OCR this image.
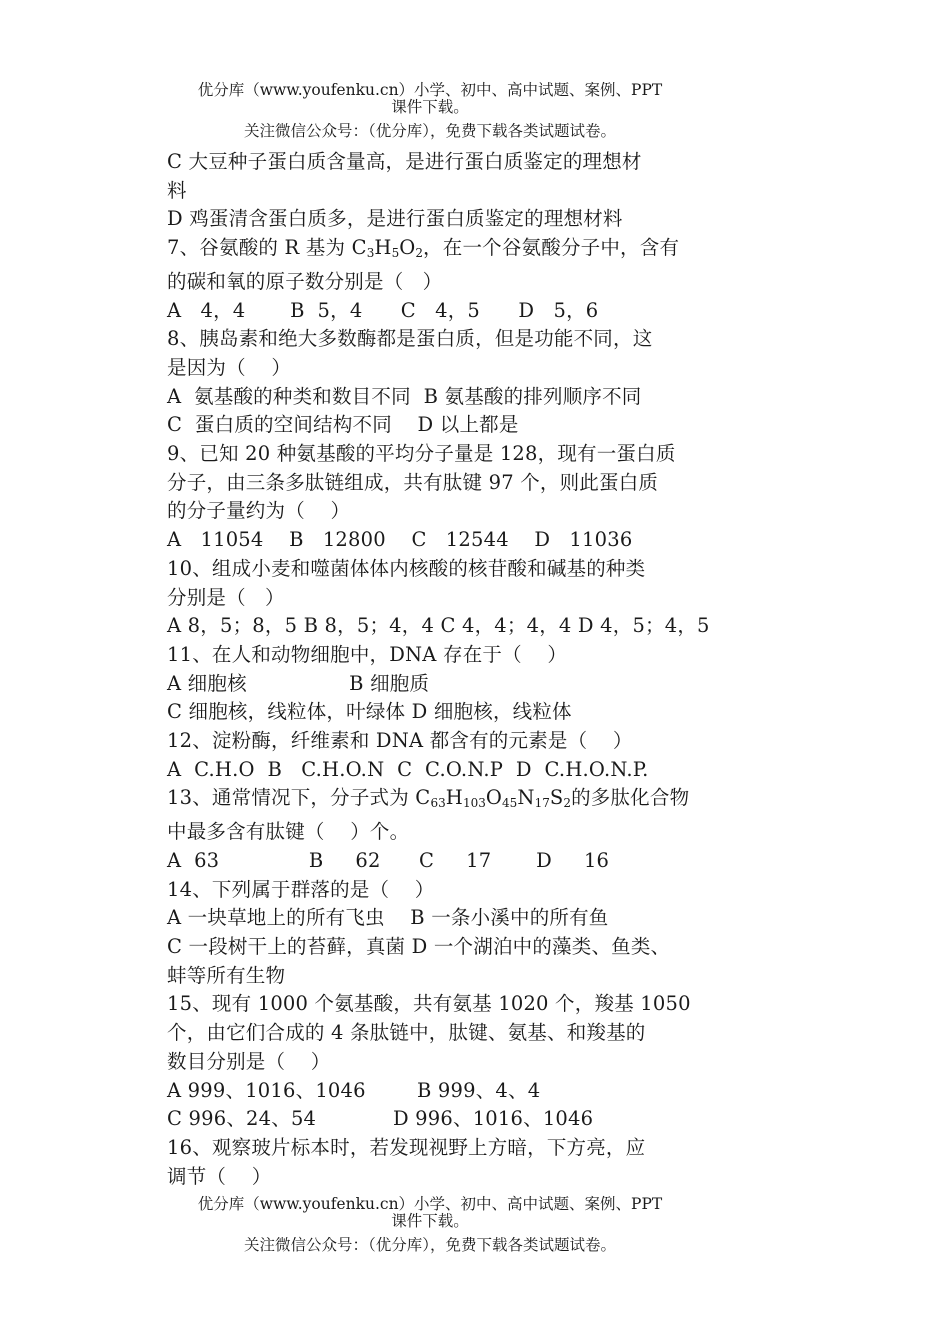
优分库（www.youfenku.cn）小学、初中、高中试题、案例、PPT

课件下载。
关注微信公众号：（优分库），免费下载各类试题试卷。

C 大豆种子蛋白质含量高，是进行蛋白质鉴定的理想材

料

D 鸡蛋清含蛋白质多，是进行蛋白质鉴定的理想材料

7、谷氨酸的 R 基为 C3H5O2，在一个谷氨酸分子中，含有

的碳和氧的原子数分别是（   ）

A   4，4       B  5，4      C   4，5      D   5，6

8、胰岛素和绝大多数酶都是蛋白质，但是功能不同，这

是因为（    ）

A  氨基酸的种类和数目不同  B 氨基酸的排列顺序不同

C  蛋白质的空间结构不同    D 以上都是

9、已知 20 种氨基酸的平均分子量是 128，现有一蛋白质

分子，由三条多肽链组成，共有肽键 97 个，则此蛋白质

的分子量约为（    ）

A   11054    B   12800    C   12544    D   11036

10、组成小麦和噬菌体体内核酸的核苷酸和碱基的种类

分别是（   ）

A 8，5；8，5 B 8，5；4，4 C 4，4；4，4 D 4，5；4，5

11、在人和动物细胞中，DNA 存在于（    ）

A 细胞核                B 细胞质

C 细胞核，线粒体，叶绿体 D 细胞核，线粒体

12、淀粉酶，纤维素和 DNA 都含有的元素是（    ）

A  C.H.O  B   C.H.O.N  C  C.O.N.P  D  C.H.O.N.P.

13、通常情况下，分子式为 C63H103O45N17S2的多肽化合物

中最多含有肽键（    ）个。

A  63              B     62      C     17       D     16

14、下列属于群落的是（    ）

A 一块草地上的所有飞虫    B 一条小溪中的所有鱼

C 一段树干上的苔藓，真菌 D 一个湖泊中的藻类、鱼类、

蚌等所有生物

15、现有 1000 个氨基酸，共有氨基 1020 个，羧基 1050

个，由它们合成的 4 条肽链中，肽键、氨基、和羧基的

数目分别是（    ）

A 999、1016、1046        B 999、4、4

C 996、24、54            D 996、1016、1046

16、观察玻片标本时，若发现视野上方暗，下方亮，应

调节（    ）

优分库（www.youfenku.cn）小学、初中、高中试题、案例、PPT

课件下载。
关注微信公众号：（优分库），免费下载各类试题试卷。
